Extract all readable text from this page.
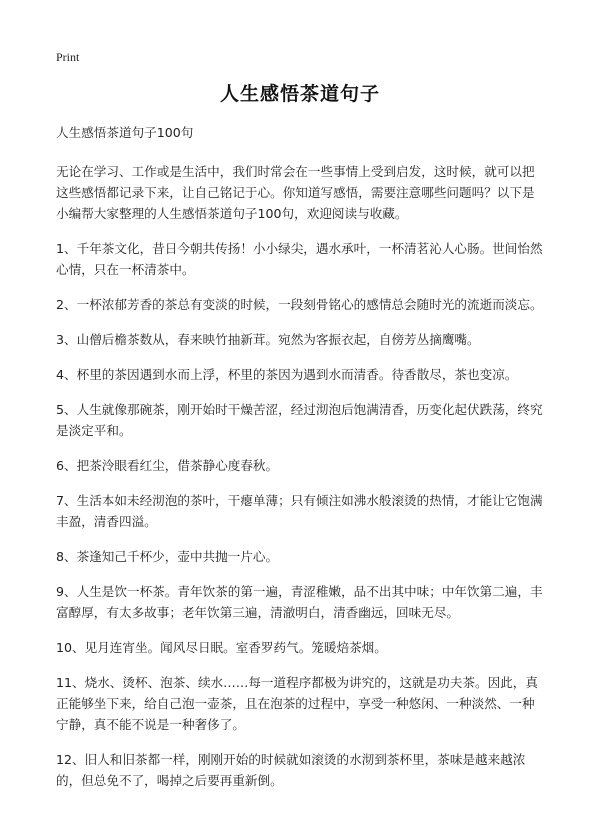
Print
人生感悟茶道句子

人生感悟茶道句子100句

无论在学习、工作或是生活中，我们时常会在一些事情上受到启发，这时候，就可以把这些感悟都记录下来，让自己铭记于心。你知道写感悟，需要注意哪些问题吗？以下是小编帮大家整理的人生感悟茶道句子100句，欢迎阅读与收藏。

1、千年茶文化，昔日今朝共传扬！小小绿尖，遇水承叶，一杯清茗沁人心肠。世间怡然心情，只在一杯清茶中。

2、一杯浓郁芳香的茶总有变淡的时候，一段刻骨铭心的感情总会随时光的流逝而淡忘。

3、山僧后檐茶数从，春来映竹抽新茸。宛然为客振衣起，自傍芳丛摘鹰嘴。

4、杯里的茶因遇到水而上浮，杯里的茶因为遇到水而清香。待香散尽，茶也变凉。

5、人生就像那碗茶，刚开始时干燥苦涩，经过沏泡后饱满清香，历变化起伏跌荡，终究是淡定平和。

6、把茶泠眼看红尘，借茶静心度春秋。

7、生活本如未经沏泡的茶叶，干瘪单薄；只有倾注如沸水般滚烫的热情，才能让它饱满丰盈，清香四溢。

8、茶逢知己千杯少，壶中共抛一片心。

9、人生是饮一杯茶。青年饮茶的第一遍，青涩稚嫩，品不出其中味；中年饮第二遍，丰富醇厚，有太多故事；老年饮第三遍，清澈明白，清香幽远，回味无尽。

10、见月连宵坐。闻风尽日眠。室香罗药气。笼暖焙茶烟。

11、烧水、烫杯、泡茶、续水……每一道程序都极为讲究的，这就是功夫茶。因此，真正能够坐下来，给自己泡一壶茶，且在泡茶的过程中，享受一种悠闲、一种淡然、一种宁静，真不能不说是一种奢侈了。

12、旧人和旧茶都一样，刚刚开始的时候就如滚烫的水沏到茶杯里，茶味是越来越浓的，但总免不了，喝掉之后要再重新倒。
